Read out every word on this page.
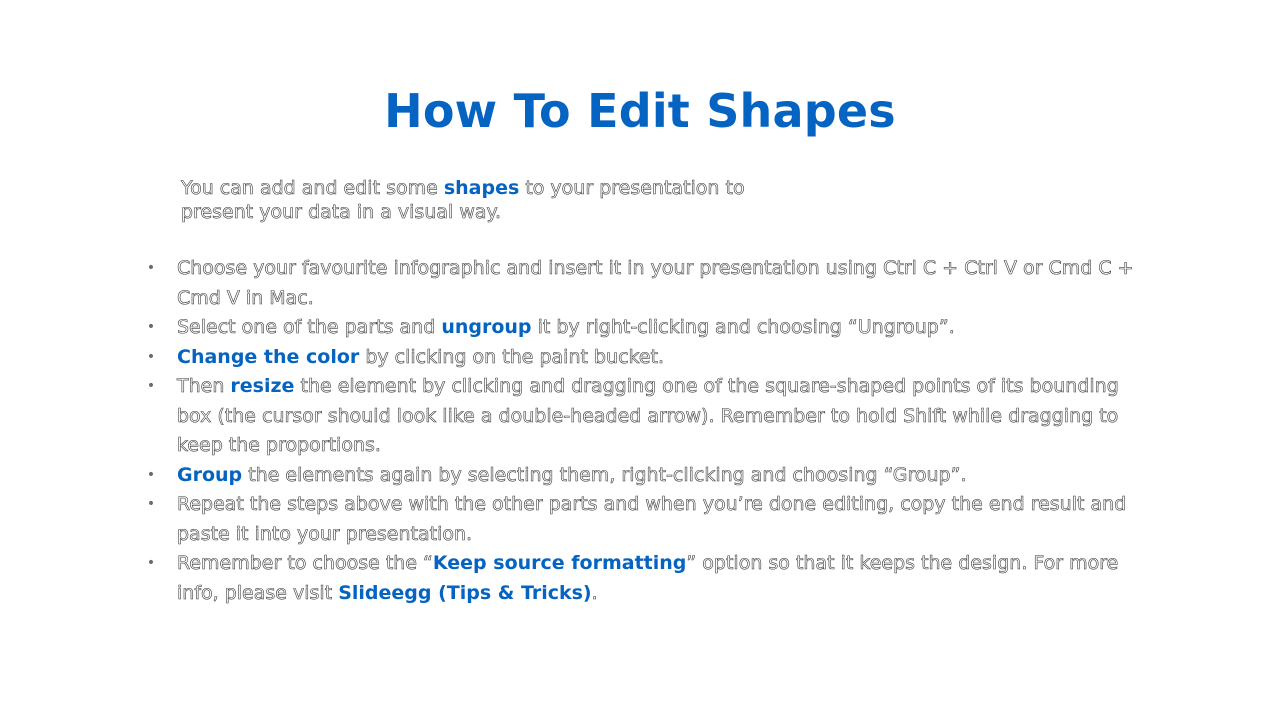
How To Edit Shapes

You can add and edit some shapes to your presentation to
present your data in a visual way.

• Choose your favourite infographic and insert it in your presentation using Ctrl C + Ctrl V or Cmd C + Cmd V in Mac.
• Select one of the parts and ungroup it by right-clicking and choosing “Ungroup”.
• Change the color by clicking on the paint bucket.
• Then resize the element by clicking and dragging one of the square-shaped points of its bounding box (the cursor should look like a double-headed arrow). Remember to hold Shift while dragging to keep the proportions.
• Group the elements again by selecting them, right-clicking and choosing “Group”.
• Repeat the steps above with the other parts and when you’re done editing, copy the end result and paste it into your presentation.
• Remember to choose the “Keep source formatting” option so that it keeps the design. For more info, please visit Slideegg (Tips & Tricks).
